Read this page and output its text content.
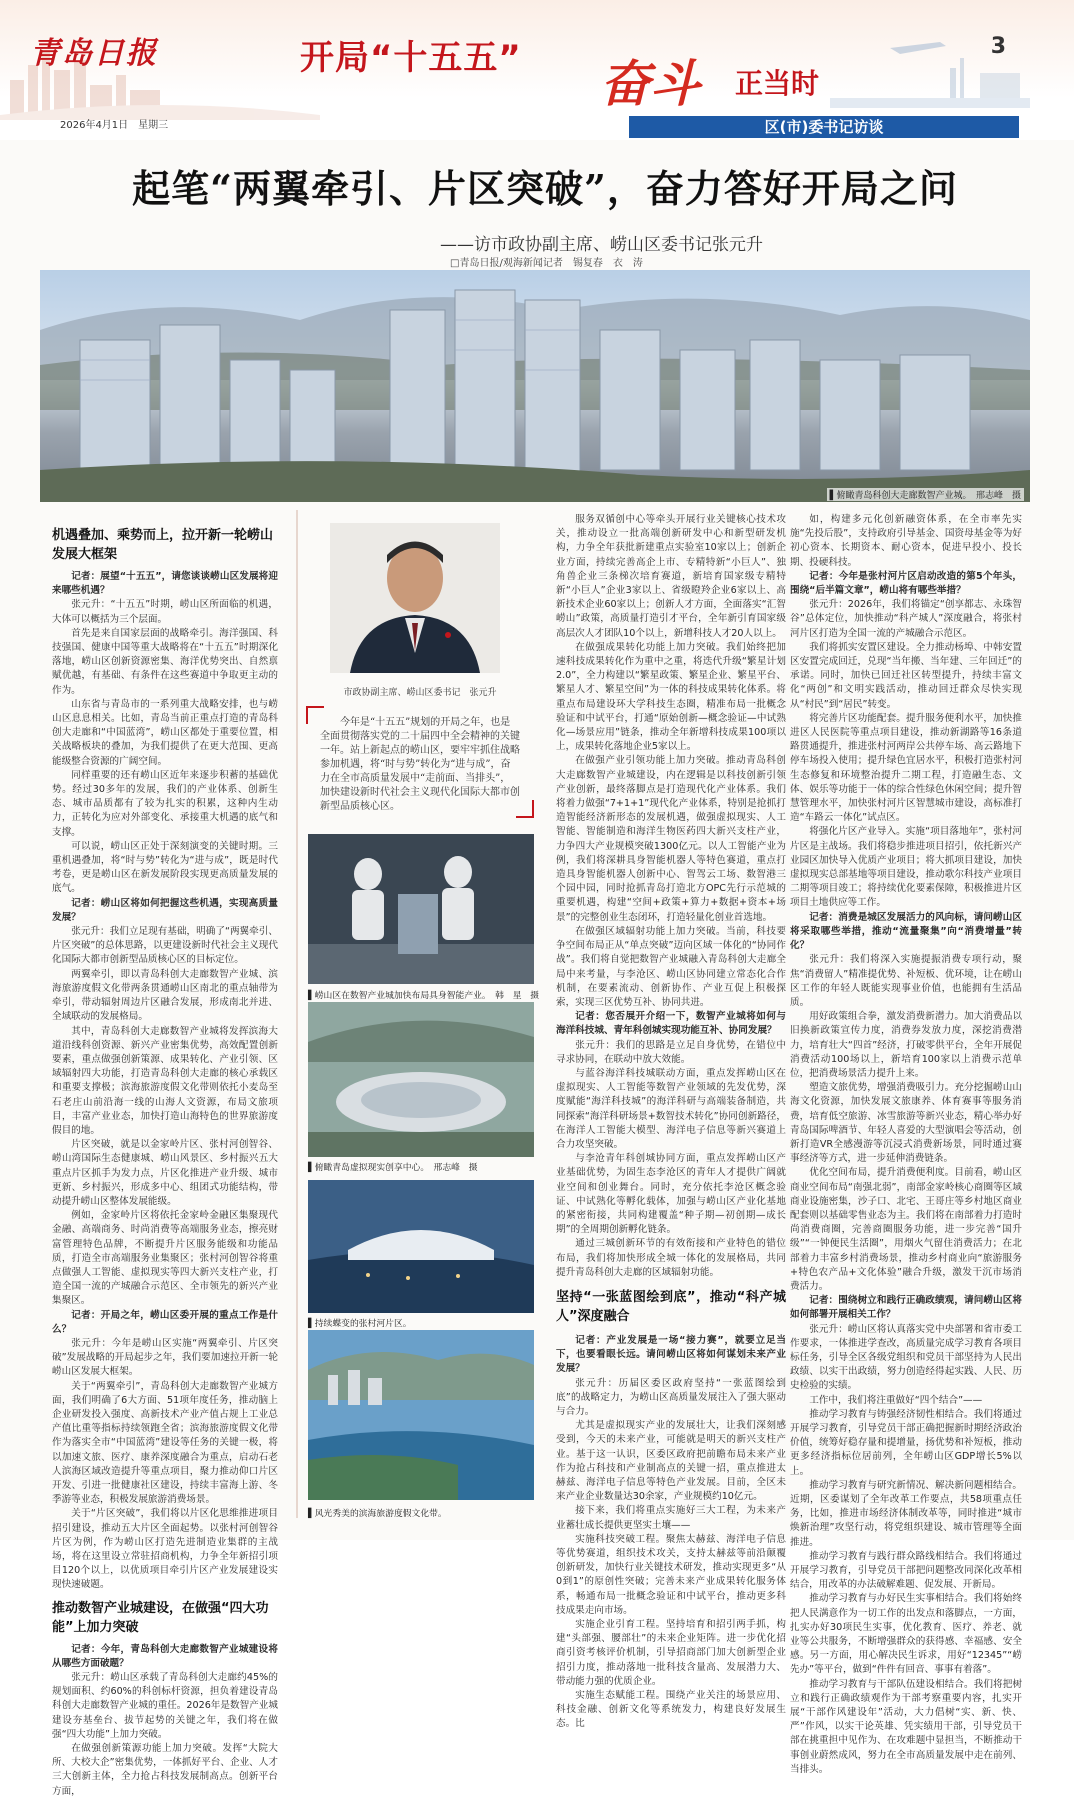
青岛日报
2026年4月1日　星期三
开局“十五五” 奋斗 正当时
3
区(市)委书记访谈
起笔“两翼牵引、片区突破”，奋力答好开局之问
——访市政协副主席、崂山区委书记张元升
□青岛日报/观海新闻记者　锡复春　衣　涛
▌俯瞰青岛科创大走廊数智产业城。　邢志峰　摄
机遇叠加、乘势而上，拉开新一轮崂山发展大框架

记者：展望“十五五”，请您谈谈崂山区发展将迎来哪些机遇？

张元升：“十五五”时期，崂山区所面临的机遇，大体可以概括为三个层面。

首先是来自国家层面的战略牵引。海洋强国、科技强国、健康中国等重大战略将在“十五五”时期深化落地，崂山区创新资源密集、海洋优势突出、自然禀赋优越，有基础、有条件在这些赛道中争取更主动的作为。

山东省与青岛市的一系列重大战略安排，也与崂山区息息相关。比如，青岛当前正重点打造的青岛科创大走廊和“中国蓝湾”，崂山区都处于重要位置，相关战略板块的叠加，为我们提供了在更大范围、更高能级整合资源的广阔空间。

同样重要的还有崂山区近年来逐步积蓄的基础优势。经过30多年的发展，我们的产业体系、创新生态、城市品质都有了较为扎实的积累，这种内生动力，正转化为应对外部变化、承接重大机遇的底气和支撑。

可以说，崂山区正处于深刻演变的关键时期。三重机遇叠加，将“时与势”转化为“进与成”，既是时代考卷，更是崂山区在新发展阶段实现更高质量发展的底气。

记者：崂山区将如何把握这些机遇，实现高质量发展？

张元升：我们立足现有基础，明确了“两翼牵引、片区突破”的总体思路，以更建设新时代社会主义现代化国际大都市创新型品质核心区的目标定位。

两翼牵引，即以青岛科创大走廊数智产业城、滨海旅游度假文化带两条贯通崂山区南北的重点轴带为牵引，带动辐射周边片区融合发展，形成南北并进、全域联动的发展格局。

其中，青岛科创大走廊数智产业城将发挥滨海大道沿线科创资源、新兴产业密集优势，高效配置创新要素，重点做强创新策源、成果转化、产业引领、区域辐射四大功能，打造青岛科创大走廊的核心承载区和重要支撑极；滨海旅游度假文化带则依托小麦岛至石老庄山前沿海一线的山海人文资源，布局文旅项目，丰富产业业态，加快打造山海特色的世界旅游度假目的地。

片区突破，就是以金家岭片区、张村河创智谷、崂山湾国际生态健康城、崂山风景区、乡村振兴五大重点片区抓手为发力点，片区化推进产业升级、城市更新、乡村振兴，形成多中心、组团式功能结构，带动提升崂山区整体发展能级。

例如，金家岭片区将依托金家岭金融区集聚现代金融、高端商务、时尚消费等高端服务业态，擦亮财富管理特色品牌，不断提升片区服务能级和功能品质，打造全市高端服务业集聚区；张村河创智谷将重点做强人工智能、虚拟现实等四大新兴支柱产业，打造全国一流的产城融合示范区、全市领先的新兴产业集聚区。

记者：开局之年，崂山区委开展的重点工作是什么？

张元升：今年是崂山区实施“两翼牵引、片区突破”发展战略的开局起步之年，我们要加速拉开新一轮崂山区发展大框架。

关于“两翼牵引”，青岛科创大走廊数智产业城方面，我们明确了6大方面、51项年度任务，推动脑上企业研发投入强度、高新技术产业产值占规上工业总产值比重等指标持续领跑全省；滨海旅游度假文化带作为落实全市“中国蓝湾”建设等任务的关键一极，将以加速文旅、医疗、康养深度融合为重点，启动石老人滨海区域改造提升等重点项目，聚力推动仰口片区开发、引进一批健康社区建设，持续丰富海上游、冬季游等业态，积极发展旅游消费场景。

关于“片区突破”，我们将以片区化思维推进项目招引建设，推动五大片区全面起势。以张村河创智谷片区为例，作为崂山区打造先进制造业集群的主战场，将在这里设立常驻招商机构，力争全年新招引项目120个以上，以优质项目牵引片区产业发展建设实现快速破题。

推动数智产业城建设，在做强“四大功能”上加力突破

记者：今年，青岛科创大走廊数智产业城建设将从哪些方面破题？

张元升：崂山区承载了青岛科创大走廊约45%的规划面积、约60%的科创标杆资源，担负着建设青岛科创大走廊数智产业城的重任。2026年是数智产业城建设夯基垒台、拔节起势的关键之年，我们将在做强“四大功能”上加力突破。

在做强创新策源功能上加力突破。发挥“大院大所、大校大企”密集优势，一体抓好平台、企业、人才三大创新主体，全力抢占科技发展制高点。创新平台方面，

市政协副主席、崂山区委书记　张元升
今年是“十五五”规划的开局之年，也是全面贯彻落实党的二十届四中全会精神的关键一年。站上新起点的崂山区，要牢牢抓住战略参加机遇，将“时与势”转化为“进与成”，奋力在全市高质量发展中“走前面、当排头”，加快建设新时代社会主义现代化国际大都市创新型品质核心区。
▌崂山区在数智产业城加快布局具身智能产业。　韩　星　摄
▌俯瞰青岛虚拟现实创享中心。　邢志峰　摄
▌持续蝶变的张村河片区。
▌风光秀美的滨海旅游度假文化带。

服务双循创中心等牵头开展行业关键核心技术攻关，推动设立一批高端创新研发中心和新型研发机构，力争全年获批新建重点实验室10家以上；创新企业方面，持续完善高企上市、专精特新“小巨人”、独角兽企业三条梯次培育赛道，新培育国家级专精特新“小巨人”企业3家以上、省级瞪羚企业6家以上、高新技术企业60家以上；创新人才方面，全面落实“汇智崂山”政策，高质量打造引才平台，全年新引育国家级高层次人才团队10个以上，新增科技人才20人以上。

在做强成果转化功能上加力突破。我们始终把加速科技成果转化作为重中之重，将迭代升级“繁星计划2.0”，全力构建以“繁星政策、繁星企业、繁星平台、繁星人才、繁星空间”为一体的科技成果转化体系。将重点布局建设环大学科技生态圈，精准布局一批概念验证和中试平台，打通“原始创新—概念验证—中试熟化—场景应用”链条，推动全年新增科技成果100项以上，成果转化落地企业5家以上。

在做强产业引领功能上加力突破。推动青岛科创大走廊数智产业城建设，内在逻辑是以科技创新引领产业创新，最终落脚点是打造现代化产业体系。我们将着力做强“7+1+1”现代化产业体系，特别是抢抓打造智能经济新形态的发展机遇，做强虚拟现实、人工智能、智能制造和海洋生物医药四大新兴支柱产业，力争四大产业规模突破1300亿元。以人工智能产业为例，我们将深耕具身智能机器人等特色赛道，重点打造具身智能机器人创新中心、智驾云工场、数智港三个园中园，同时抢抓青岛打造北方OPC先行示范城的重要机遇，构建“空间+政策+算力+数据+资本+场景”的完整创业生态闭环，打造轻量化创业首选地。

在做强区域辐射功能上加力突破。当前，科技要争空间布局正从“单点突破”迈向区域一体化的“协同作战”。我们将自觉把数智产业城融入青岛科创大走廊全局中来考量，与李沧区、崂山区协同建立常态化合作机制，在要素流动、创新协作、产业互促上积极探索，实现三区优势互补、协同共进。

记者：您否展开介绍一下，数智产业城将如何与海洋科技城、青年科创城实现功能互补、协同发展？

张元升：我们的思路是立足自身优势，在错位中寻求协同，在联动中放大效能。

与蓝谷海洋科技城联动方面，重点发挥崂山区在虚拟现实、人工智能等数智产业领域的先发优势，深度赋能“海洋科技城”的海洋科研与高端装备制造，共同探索“海洋科研场景+数智技术转化”协同创新路径，在海洋人工智能大模型、海洋电子信息等新兴赛道上合力攻坚突破。

与李沧青年科创城协同方面，重点发挥崂山区产业基础优势，为固生态李沧区的青年人才提供广阔就业空间和创业舞台。同时，充分依托李沧区概念验证、中试熟化等孵化载体，加强与崂山区产业化基地的紧密衔接，共同构建覆盖“种子期—初创期—成长期”的全周期创新孵化链条。

通过三城创新环节的有效衔接和产业特色的错位布局，我们将加快形成全城一体化的发展格局，共同提升青岛科创大走廊的区域辐射功能。

坚持“一张蓝图绘到底”，推动“科产城人”深度融合

记者：产业发展是一场“接力赛”，就要立足当下，也要看眼长远。请问崂山区将如何谋划未来产业发展？

张元升：历届区委区政府坚持“一张蓝图绘到底”的战略定力，为崂山区高质量发展注入了强大驱动与合力。

尤其是虚拟现实产业的发展壮大，让我们深刻感受到，今天的未来产业，可能就是明天的新兴支柱产业。基于这一认识，区委区政府把前瞻布局未来产业作为抢占科技和产业制高点的关键一招，重点推进太赫兹、海洋电子信息等特色产业发展。目前，全区未来产业企业数量达30余家，产业规模约10亿元。

接下来，我们将重点实施好三大工程，为未来产业蓄壮成长提供更坚实土壤——

实施科技突破工程。聚焦太赫兹、海洋电子信息等优势赛道，组织技术攻关，支持太赫兹等前沿颠覆创新研发，加快行业关键技术研发，推动实现更多“从0到1”的原创性突破；完善未来产业成果转化服务体系，畅通布局一批概念验证和中试平台，推动更多科技成果走向市场。

实施企业引育工程。坚持培育和招引两手抓，构建“头部强、腰部壮”的未来企业矩阵。进一步优化招商引资考核评价机制，引导招商部门加大创新型企业招引力度，推动落地一批科技含量高、发展潜力大、带动能力强的优质企业。

实施生态赋能工程。围绕产业关注的场景应用、科技金融、创新文化等系统发力，构建良好发展生态。比

如，构建多元化创新融资体系，在全市率先实施“先投后股”，支持政府引导基金、国资母基金等为好初心资本、长期资本、耐心资本，促进早投小、投长期、投硬科技。

记者：今年是张村河片区启动改造的第5个年头，围绕“后半篇文章”，崂山将有哪些举措？

张元升：2026年，我们将锚定“创享都志、永珠智谷”总体定位，加快推动“科产城人”深度融合，将张村河片区打造为全国一流的产城融合示范区。

我们将抓实安置区建设。全力推动杨埠、中韩安置区安置完成回迁，兑现“当年搬、当年建、三年回迁”的承诺。同时，加快已回迁社区转型提升，持续丰富文化“两创”和文明实践活动，推动回迁群众尽快实现从“村民”到“居民”转变。

将完善片区功能配套。提升服务便利水平，加快推进区人民医院等重点项目建设，推动新湖路等16条道路贯通提升，推进张村河两岸公共停车场、高云路地下停车场投入使用；提升绿色宜居水平，积极打造张村河生态修复和环境整治提升二期工程，打造融生态、文体、娱乐等功能于一体的综合性绿色休闲空间；提升智慧管理水平，加快张村河片区智慧城市建设，高标准打造“车路云一体化”试点区。

将强化片区产业导入。实施“项目落地年”，张村河片区是主战场。我们将稳步推进项目招引，依托新兴产业园区加快导入优质产业项目；将大抓项目建设，加快虚拟现实总部基地等项目建设，推动歌尔科技产业项目二期等项目竣工；将持续优化要素保障，积极推进片区项目土地供应等工作。

记者：消费是城区发展活力的风向标，请问崂山区将采取哪些举措，推动“流量聚集”向“消费增量”转化？

张元升：我们将深入实施提振消费专项行动，聚焦“消费留人”精准提优势、补短板、优环境，让在崂山区工作的年轻人既能实现事业价值，也能拥有生活品质。

用好政策组合拳，激发消费新潜力。加大消费品以旧换新政策宣传力度，消费券发放力度，深挖消费潜力，培育壮大“四首”经济，打破零供平台，全年开展促消费活动100场以上，新培育100家以上消费示范单位，把消费场景活力提升上来。

塑造文旅优势，增强消费吸引力。充分挖掘崂山山海文化资源，加快发展文旅康养、体育赛事等服务消费，培育低空旅游、冰雪旅游等新兴业态，精心举办好青岛国际啤酒节、年轻人喜爱的大型演唱会等活动，创新打造VR全感漫游等沉浸式消费新场景，同时通过赛事经济等方式，进一步延伸消费链条。

优化空间布局，提升消费便利度。目前看，崂山区商业空间布局“南强北弱”，南部金家岭核心商圈等区域商业设施密集，沙子口、北宅、王哥庄等乡村地区商业配套则以基础零售业态为主。我们将在南部着力打造时尚消费商圈，完善商圈服务功能，进一步完善“国升级”“一钟便民生活圈”，用烟火气留住消费活力；在北部着力丰富乡村消费场景，推动乡村商业向“旅游服务+特色农产品+文化体验”融合升级，激发干沉市场消费活力。

记者：围绕树立和践行正确政绩观，请问崂山区将如何部署开展相关工作？

张元升：崂山区将认真落实党中央部署和省市委工作要求，一体推进学查改，高质量完成学习教育各项目标任务，引导全区各级党组织和党员干部坚持为人民出政绩、以实干出政绩，努力创造经得起实践、人民、历史检验的实绩。

工作中，我们将注重做好“四个结合”——

推动学习教育与铸强经济韧性相结合。我们将通过开展学习教育，引导党员干部正确把握新时期经济政治价值，统筹好稳存量和提增量，扬优势和补短板，推动更多经济指标位居前列，全年崂山区GDP增长5%以上。

推动学习教育与研究新情况、解决新问题相结合。近期，区委谋划了全年改革工作要点，共58项重点任务，比如，推进市场经济体制改革等，同时推进“城市焕新治理”攻坚行动，将党组织建设、城市管理等全面推进。

推动学习教育与践行群众路线相结合。我们将通过开展学习教育，引导党员干部把问题整改同深化改革相结合，用改革的办法破解难题、促发展、开新局。

推动学习教育与办好民生实事相结合。我们将始终把人民满意作为一切工作的出发点和落脚点，一方面，扎实办好30项民生实事，优化教育、医疗、养老、就业等公共服务，不断增强群众的获得感、幸福感、安全感。另一方面，用心解决民生诉求，用好“12345”“崂先办”等平台，做到“件件有回音、事事有着落”。

推动学习教育与干部队伍建设相结合。我们将把树立和践行正确政绩观作为干部考察重要内容，扎实开展“干部作风建设年”活动，大力倡树“实、新、快、严”作风，以实干论英雄、凭实绩用干部，引导党员干部在挑重担中见作为、在攻难题中显担当，不断推动干事创业蔚然成风，努力在全市高质量发展中走在前列、当排头。
